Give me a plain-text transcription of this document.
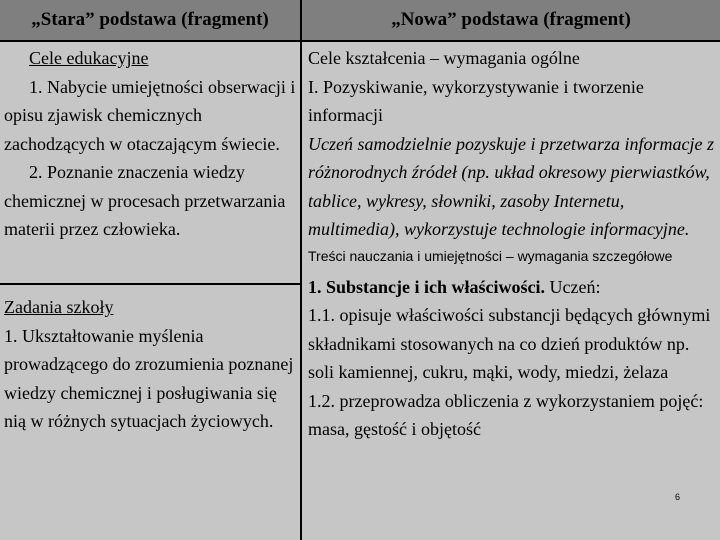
„Stara” podstawa (fragment)	„Nowa” podstawa (fragment)
Cele edukacyjne
1. Nabycie umiejętności obserwacji i opisu zjawisk chemicznych zachodzących w otaczającym świecie.
2. Poznanie znaczenia wiedzy chemicznej w procesach przetwarzania materii przez człowieka.
Zadania szkoły
1. Ukształtowanie myślenia prowadzącego do zrozumienia poznanej wiedzy chemicznej i posługiwania się nią w różnych sytuacjach życiowych.
Cele kształcenia – wymagania ogólne
I. Pozyskiwanie, wykorzystywanie i tworzenie informacji
Uczeń samodzielnie pozyskuje i przetwarza informacje z różnorodnych źródeł (np. układ okresowy pierwiastków, tablice, wykresy, słowniki, zasoby Internetu, multimedia), wykorzystuje technologie informacyjne.
Treści nauczania i umiejętności – wymagania szczegółowe
1. Substancje i ich właściwości. Uczeń:
1.1. opisuje właściwości substancji będących głównymi składnikami stosowanych na co dzień produktów np. soli kamiennej, cukru, mąki, wody, miedzi, żelaza
1.2. przeprowadza obliczenia z wykorzystaniem pojęć: masa, gęstość i objętość
6
